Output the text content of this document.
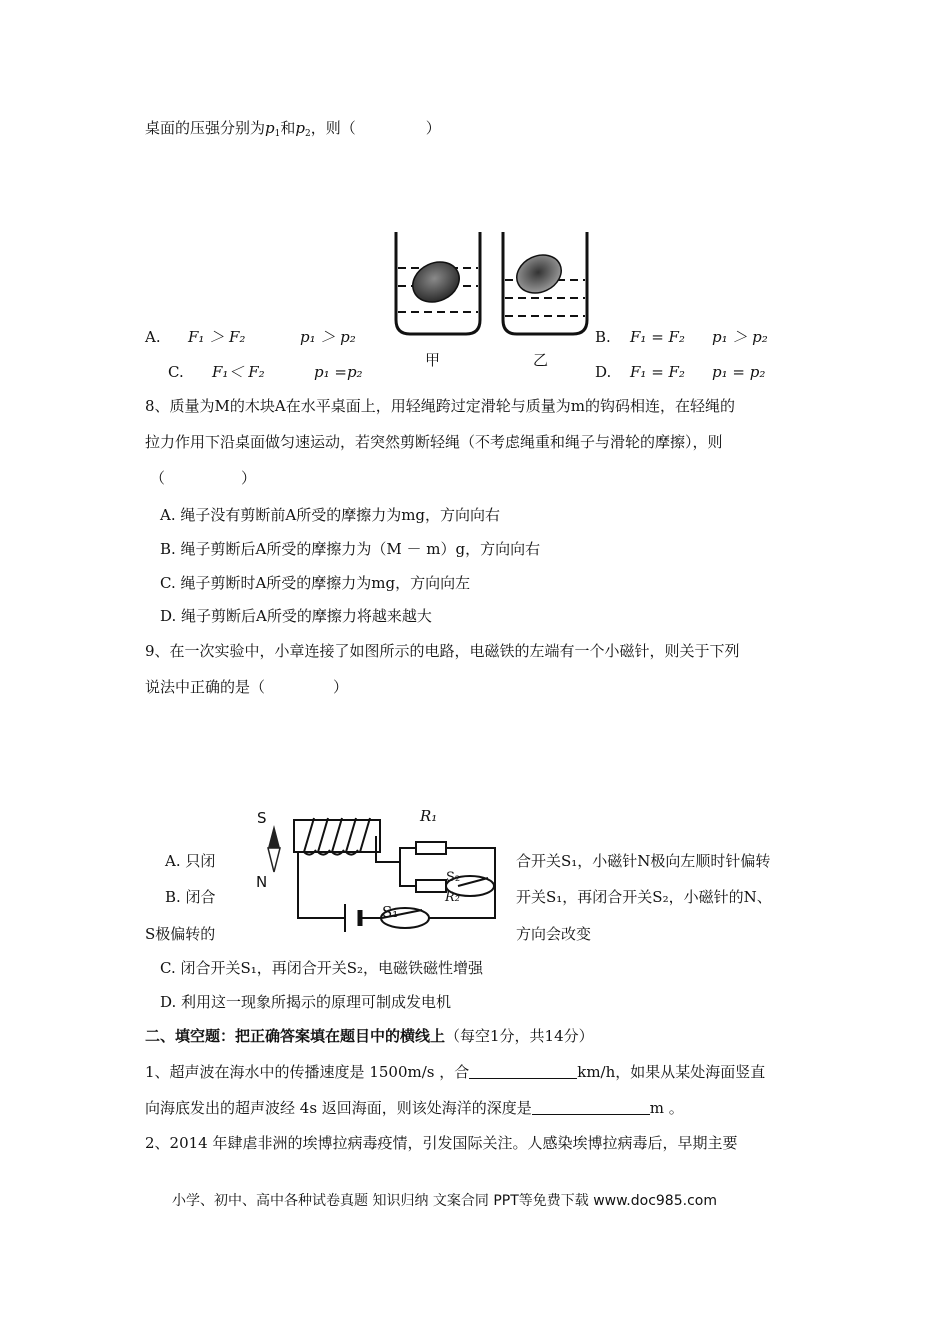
桌面的压强分别为$p_1$和$p_2$，则（	）
甲	乙
A. F₁ ＞ F₂	p₁ ＞ p₂	B. F₁ = F₂ p₁ ＞ p₂
C. F₁＜ F₂	p₁ =p₂	D. F₁ = F₂ p₁ = p₂
8、质量为M的木块A在水平桌面上，用轻绳跨过定滑轮与质量为m的钩码相连，在轻绳的
拉力作用下沿桌面做匀速运动，若突然剪断轻绳（不考虑绳重和绳子与滑轮的摩擦），则
（	）
A. 绳子没有剪断前A所受的摩擦力为mg，方向向右
B. 绳子剪断后A所受的摩擦力为（M － m）g，方向向右
C. 绳子剪断时A所受的摩擦力为mg，方向向左
D. 绳子剪断后A所受的摩擦力将越来越大
9、在一次实验中，小章连接了如图所示的电路，电磁铁的左端有一个小磁针，则关于下列
说法中正确的是（	）
S
N
R₁
R₂
S₂
S₁
A. 只闭	合开关S₁，小磁针N极向左顺时针偏转
B. 闭合	开关S₁，再闭合开关S₂，小磁针的N、
S极偏转的	方向会改变
C. 闭合开关S₁，再闭合开关S₂，电磁铁磁性增强
D. 利用这一现象所揭示的原理可制成发电机
二、填空题：把正确答案填在题目中的横线上（每空1分，共14分）
1、超声波在海水中的传播速度是 1500m/s ，合	km/h，如果从某处海面竖直
向海底发出的超声波经 4s 返回海面，则该处海洋的深度是	m 。
2、2014 年肆虐非洲的埃博拉病毒疫情，引发国际关注。人感染埃博拉病毒后，早期主要
小学、初中、高中各种试卷真题 知识归纳 文案合同 PPT等免费下载 www.doc985.com
